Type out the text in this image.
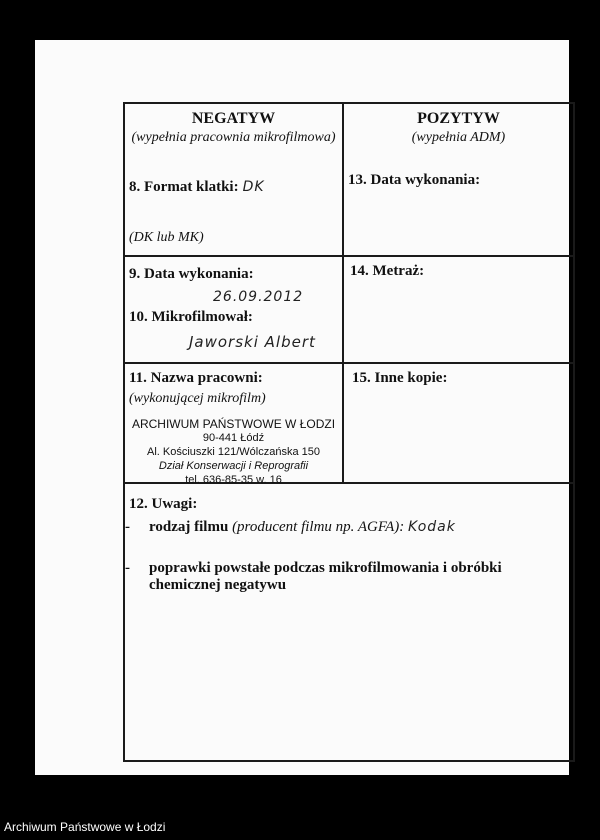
NEGATYW
(wypełnia pracownia mikrofilmowa)
8. Format klatki: DK
(DK lub MK)
POZYTYW
(wypełnia ADM)
13. Data wykonania:
9. Data wykonania:
26.09.2012
10. Mikrofilmował:
Jaworski Albert
14. Metraż:
11. Nazwa pracowni:
(wykonującej mikrofilm)
ARCHIWUM PAŃSTWOWE W ŁODZI
90-441 Łódź
Al. Kościuszki 121/Wólczańska 150
Dział Konserwacji i Reprografii
tel. 636-85-35 w. 16
15. Inne kopie:
12. Uwagi:
-	rodzaj filmu (producent filmu np. AGFA): Kodak
-	poprawki powstałe podczas mikrofilmowania i obróbki
chemicznej negatywu
Archiwum Państwowe w Łodzi
